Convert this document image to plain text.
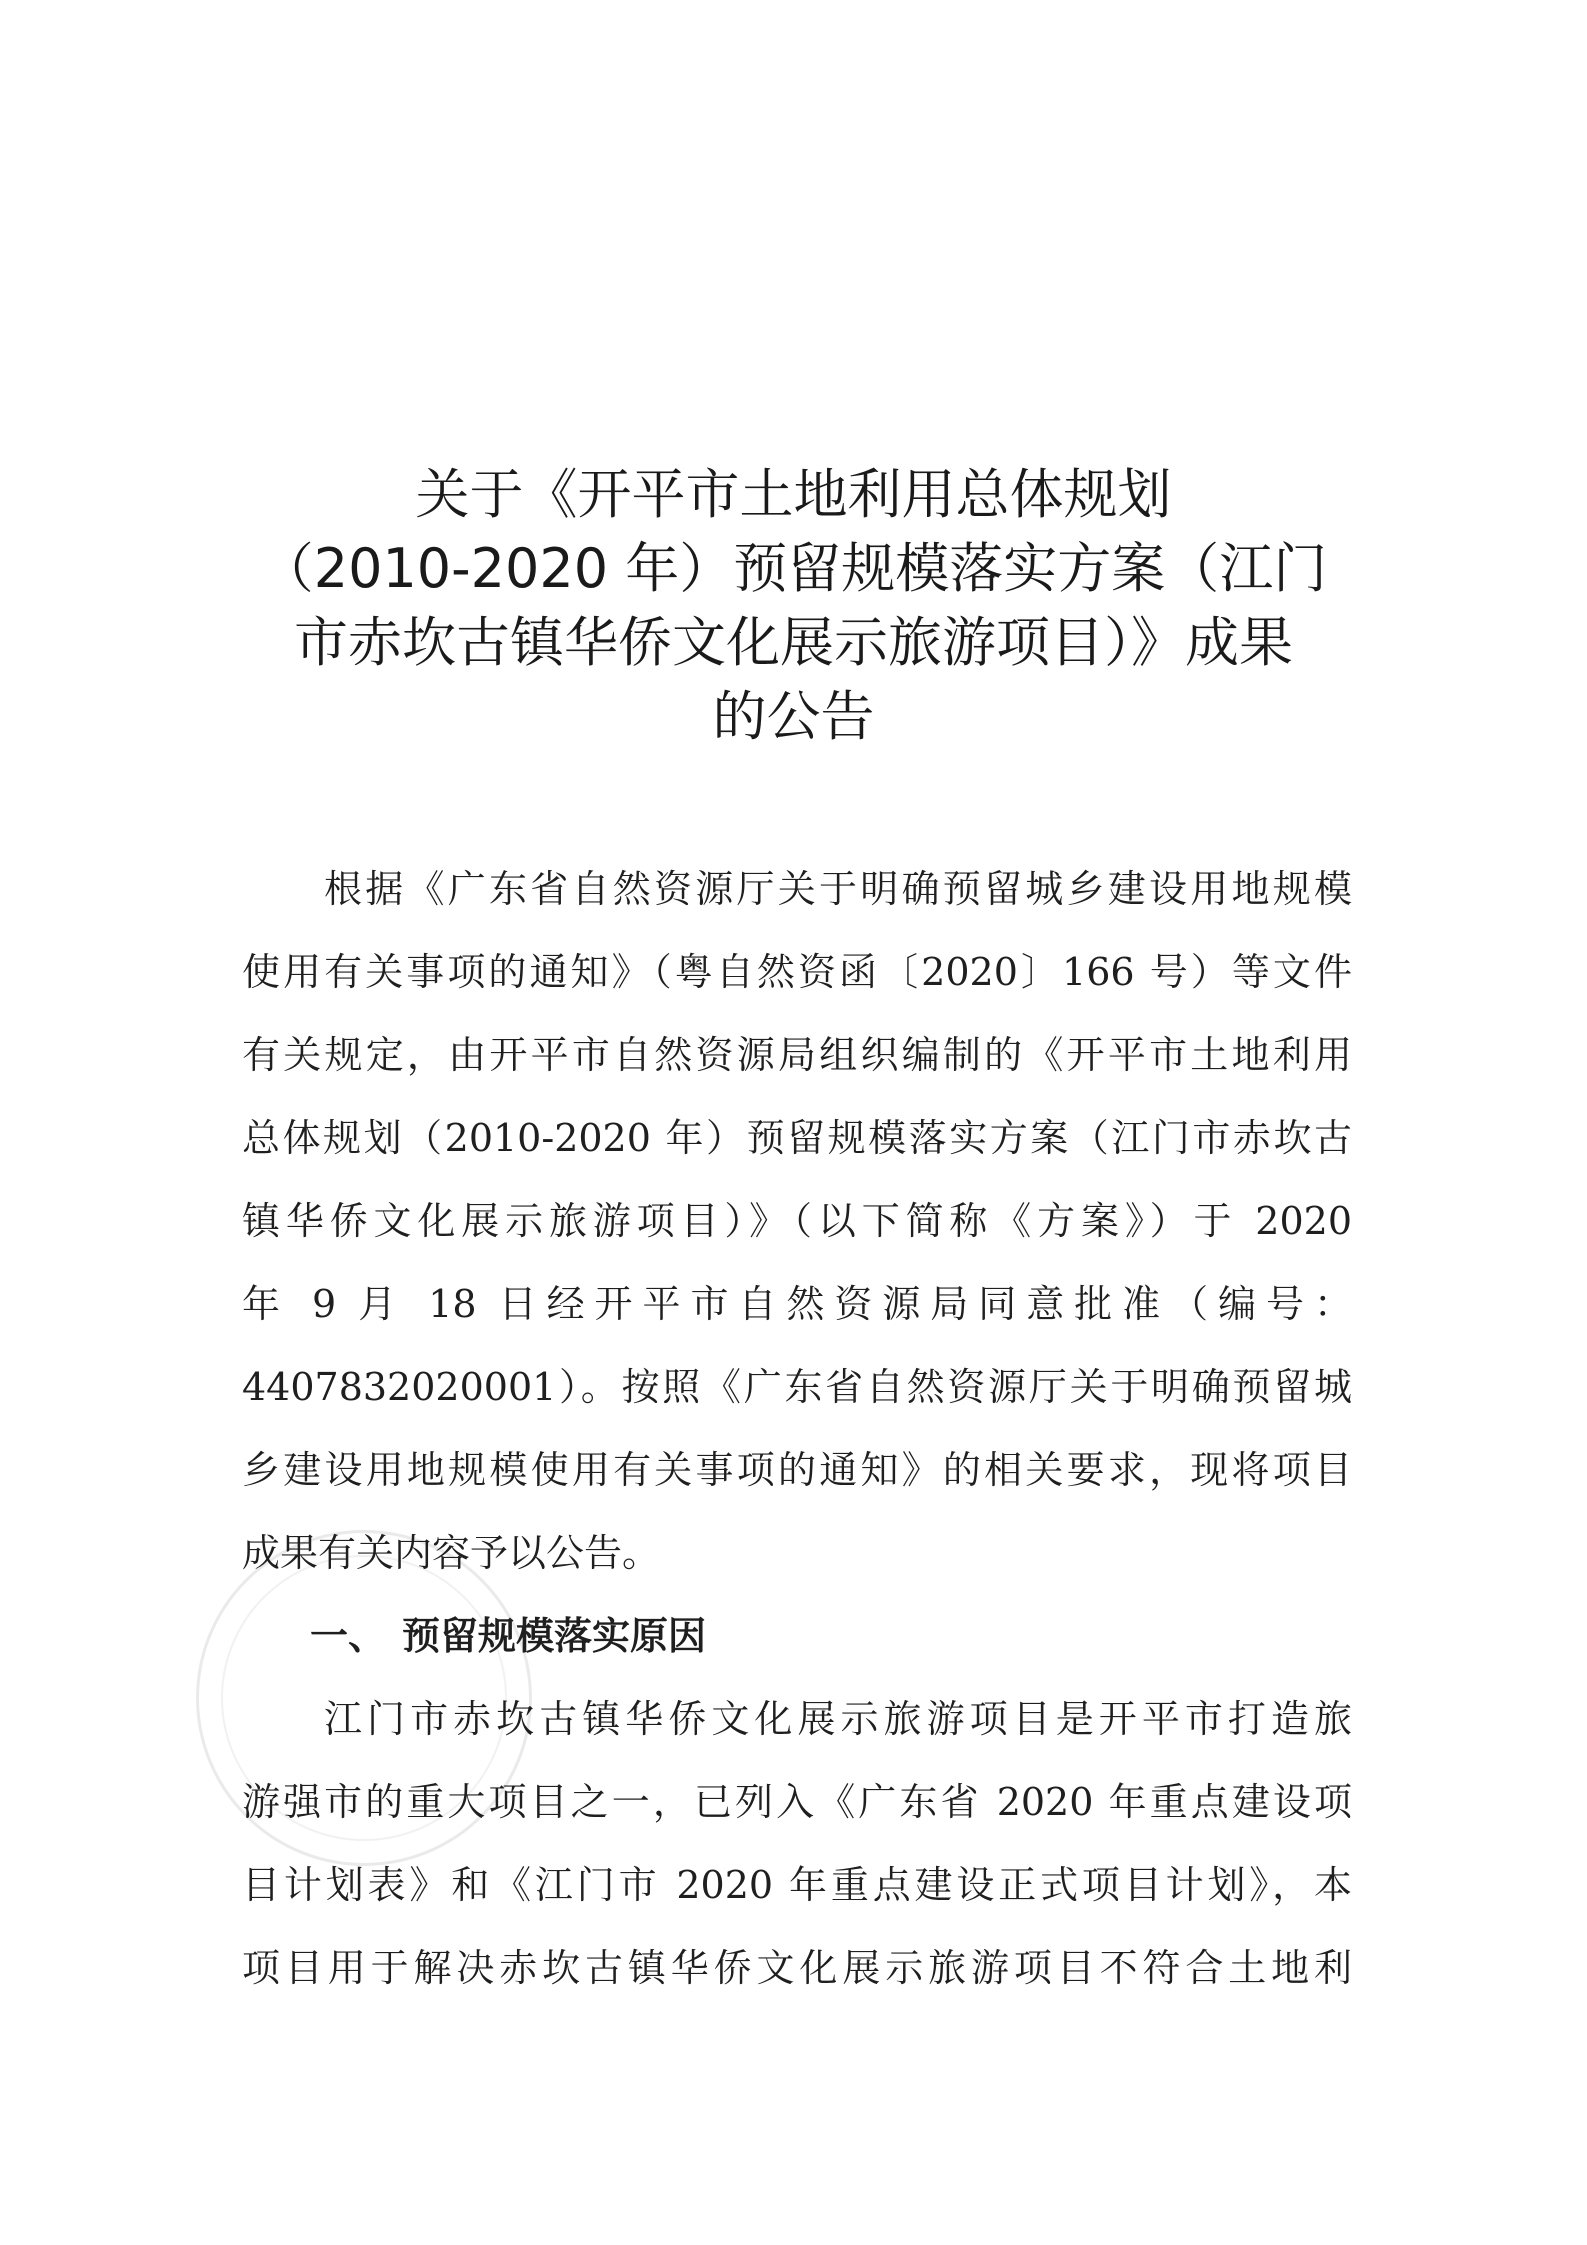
关于《开平市土地利用总体规划
（2010-2020 年）预留规模落实方案（江门
市赤坎古镇华侨文化展示旅游项目）》成果
的公告
根据《广东省自然资源厅关于明确预留城乡建设用地规模
使用有关事项的通知》（粤自然资函〔2020〕166 号）等文件
有关规定，由开平市自然资源局组织编制的《开平市土地利用
总体规划（2010-2020 年）预留规模落实方案（江门市赤坎古
镇华侨文化展示旅游项目）》（以下简称《方案》）于 2020
年 9 月 18 日经开平市自然资源局同意批准（编号：
4407832020001）。按照《广东省自然资源厅关于明确预留城
乡建设用地规模使用有关事项的通知》的相关要求，现将项目
成果有关内容予以公告。
一、 预留规模落实原因
江门市赤坎古镇华侨文化展示旅游项目是开平市打造旅
游强市的重大项目之一，已列入《广东省 2020 年重点建设项
目计划表》和《江门市 2020 年重点建设正式项目计划》，本
项目用于解决赤坎古镇华侨文化展示旅游项目不符合土地利
